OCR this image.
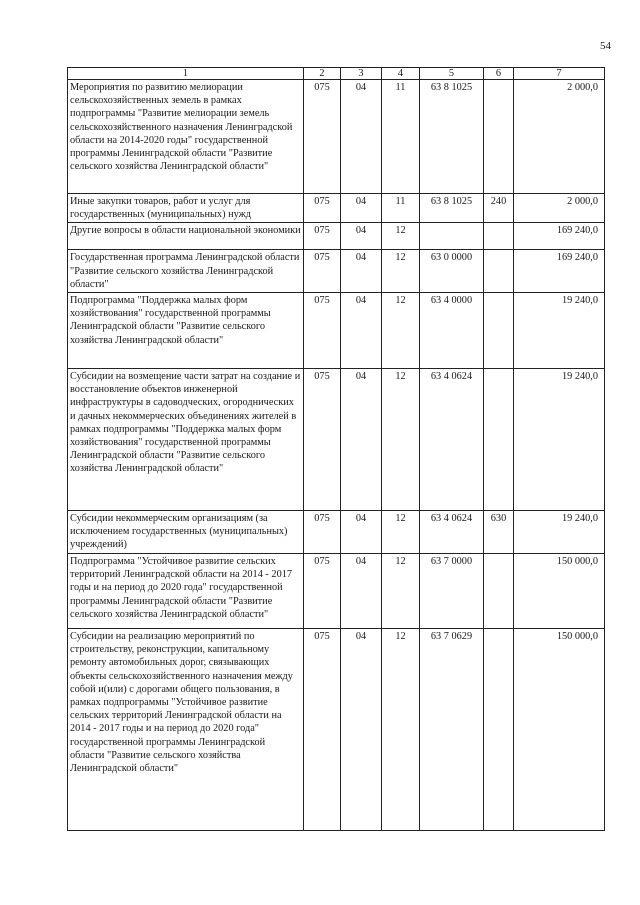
54
1	2	3	4	5	6	7
Мероприятия по развитию мелиорации сельскохозяйственных земель в рамках подпрограммы "Развитие мелиорации земель сельскохозяйственного назначения Ленинградской области на 2014-2020 годы" государственной программы Ленинградской области "Развитие сельского хозяйства Ленинградской области"	075	04	11	63 8 1025		2 000,0
Иные закупки товаров, работ и услуг для государственных (муниципальных) нужд	075	04	11	63 8 1025	240	2 000,0
Другие вопросы в области национальной экономики	075	04	12			169 240,0
Государственная программа Ленинградской области "Развитие сельского хозяйства Ленинградской области"	075	04	12	63 0 0000		169 240,0
Подпрограмма "Поддержка малых форм хозяйствования" государственной программы Ленинградской области "Развитие сельского хозяйства Ленинградской области"	075	04	12	63 4 0000		19 240,0
Субсидии на возмещение части затрат на создание и восстановление объектов инженерной инфраструктуры в садоводческих, огороднических и дачных некоммерческих объединениях жителей в рамках подпрограммы "Поддержка малых форм хозяйствования" государственной программы Ленинградской области "Развитие сельского хозяйства Ленинградской области"	075	04	12	63 4 0624		19 240,0
Субсидии некоммерческим организациям (за исключением государственных (муниципальных) учреждений)	075	04	12	63 4 0624	630	19 240,0
Подпрограмма "Устойчивое развитие сельских территорий Ленинградской области на 2014 - 2017 годы и на период до 2020 года" государственной программы Ленинградской области "Развитие сельского хозяйства Ленинградской области"	075	04	12	63 7 0000		150 000,0
Субсидии на реализацию мероприятий по строительству, реконструкции, капитальному ремонту автомобильных дорог, связывающих объекты сельскохозяйственного назначения между собой и(или) с дорогами общего пользования, в рамках подпрограммы "Устойчивое развитие сельских территорий Ленинградской области на 2014 - 2017 годы и на период до 2020 года" государственной программы Ленинградской области "Развитие сельского хозяйства Ленинградской области"	075	04	12	63 7 0629		150 000,0
